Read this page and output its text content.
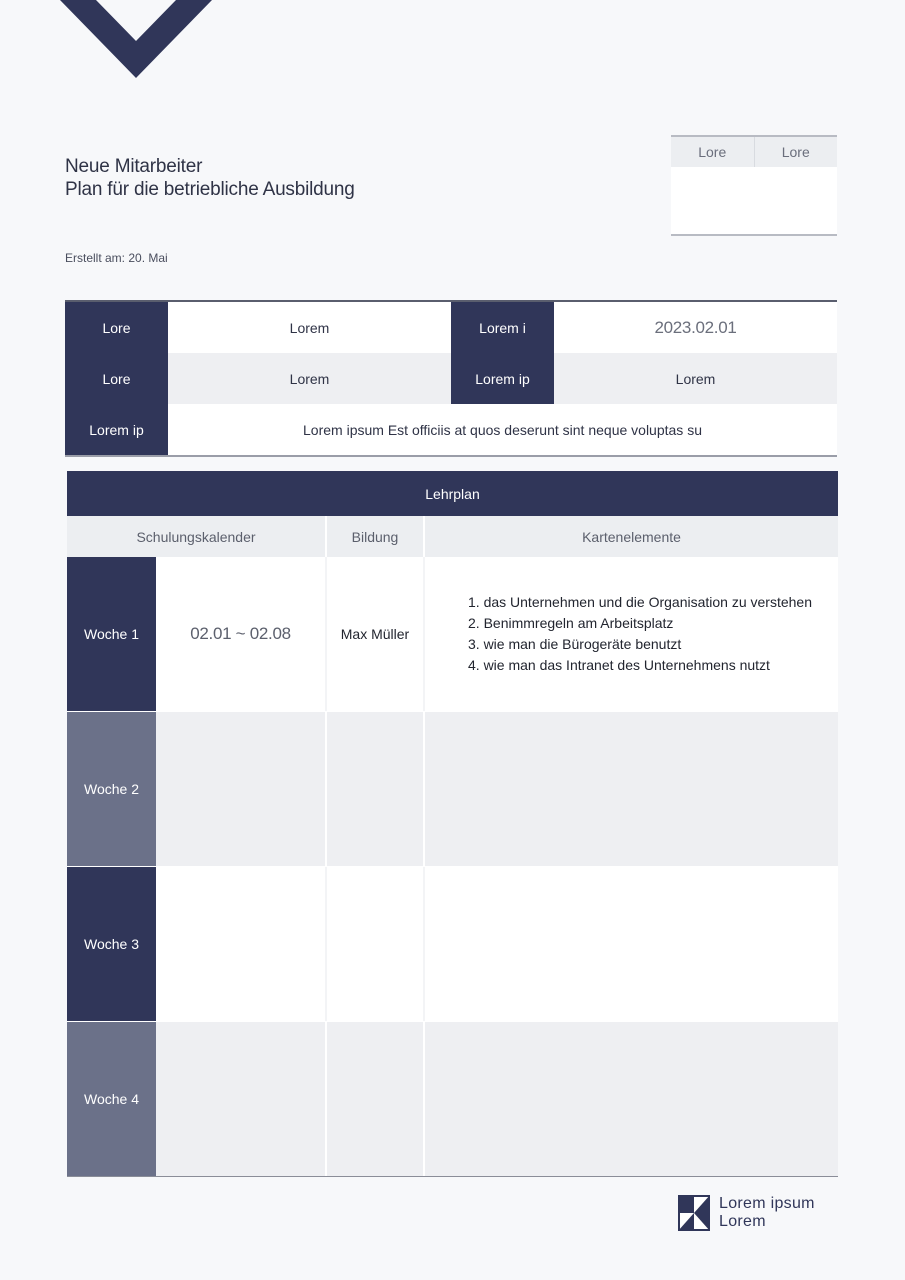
Neue Mitarbeiter
Plan für die betriebliche Ausbildung
Erstellt am: 20. Mai
Lore	Lore
Lore	Lorem	Lorem i	2023.02.01
Lore	Lorem	Lorem ip	Lorem
Lorem ip	Lorem ipsum Est officiis at quos deserunt sint neque voluptas su
Lehrplan
Schulungskalender	Bildung	Kartenelemente
Woche 1	02.01 ~ 02.08	Max Müller
1. das Unternehmen und die Organisation zu verstehen
2. Benimmregeln am Arbeitsplatz
3. wie man die Bürogeräte benutzt
4. wie man das Intranet des Unternehmens nutzt
Woche 2
Woche 3
Woche 4
Lorem ipsum
Lorem
